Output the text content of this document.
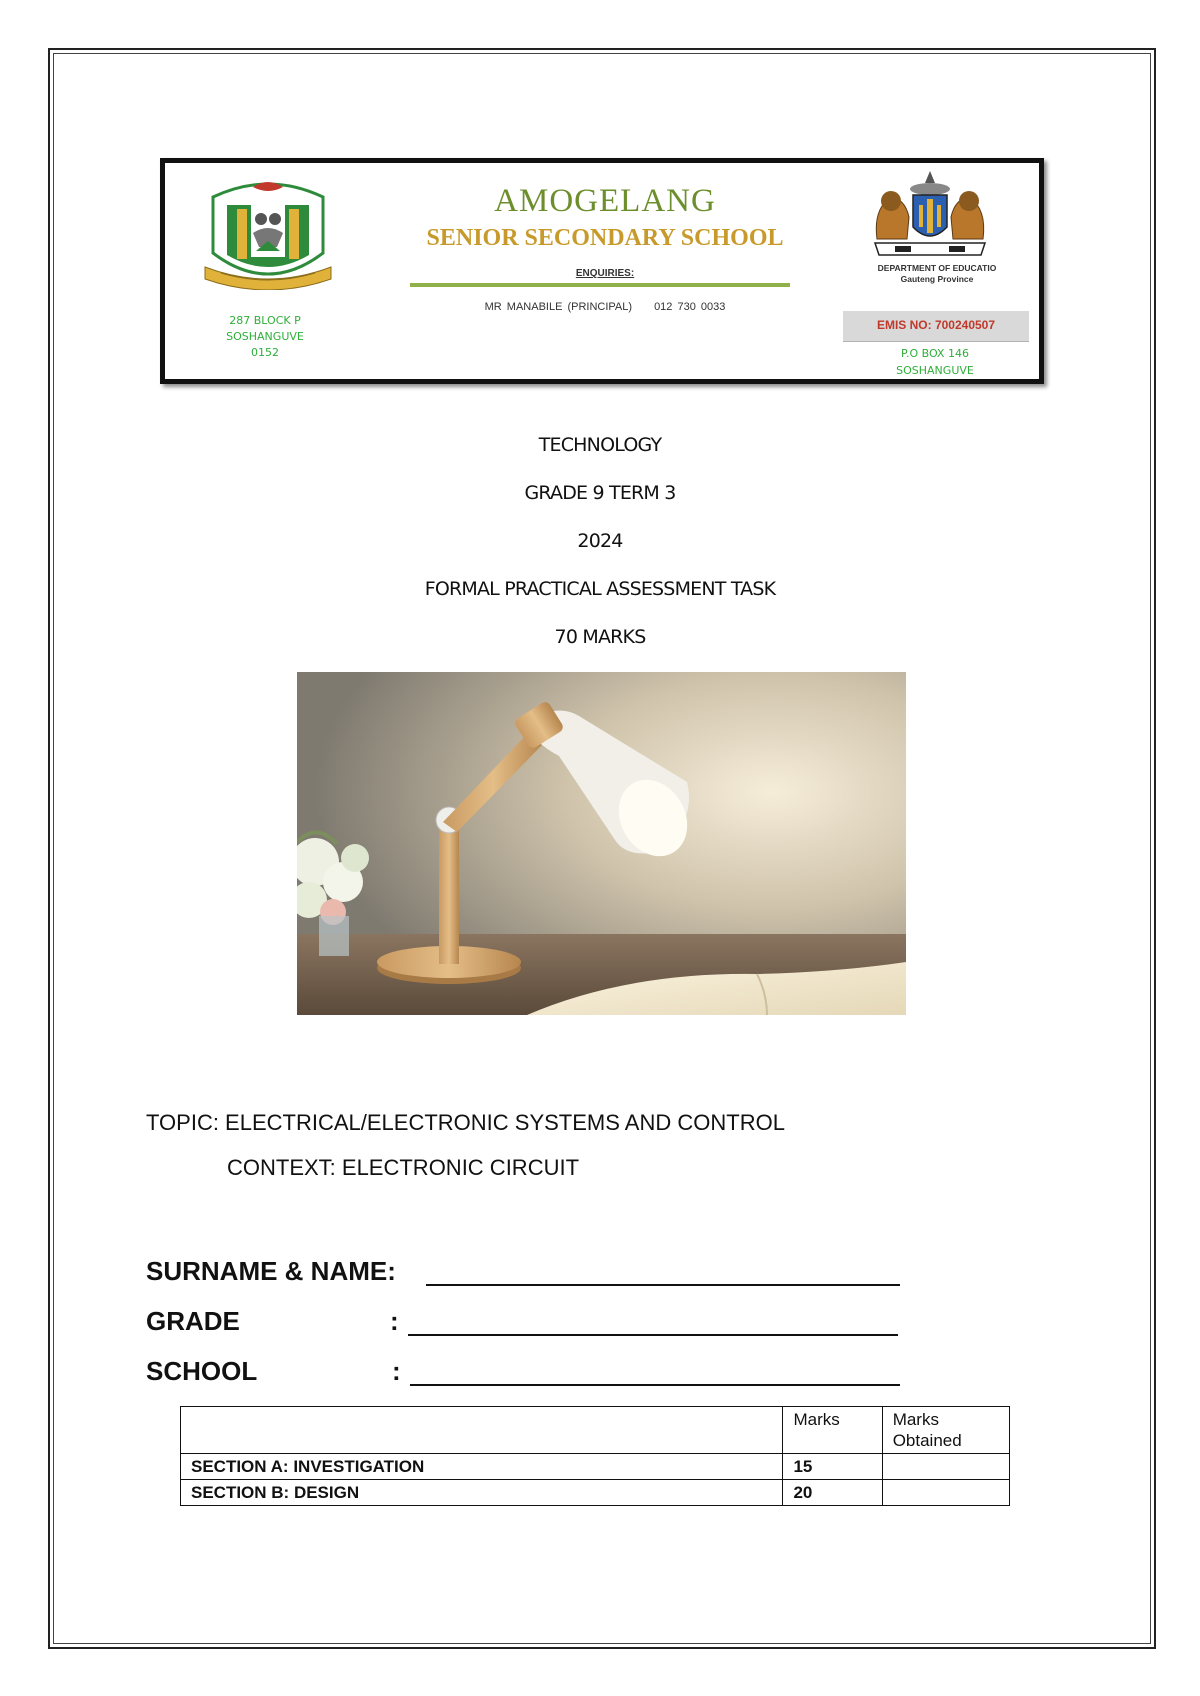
287 BLOCK P
SOSHANGUVE
0152
AMOGELANG
SENIOR SECONDARY SCHOOL
ENQUIRIES:
MR MANABILE (PRINCIPAL) 012 730 0033
DEPARTMENT OF EDUCATIO
Gauteng Province
EMIS NO: 700240507
P.O BOX 146
SOSHANGUVE
TECHNOLOGY
GRADE 9 TERM 3
2024
FORMAL PRACTICAL ASSESSMENT TASK
70 MARKS
TOPIC: ELECTRICAL/ELECTRONIC SYSTEMS AND CONTROL
CONTEXT: ELECTRONIC CIRCUIT
SURNAME & NAME:
GRADE	:
SCHOOL	:
	Marks	Marks Obtained
SECTION A: INVESTIGATION	15	
SECTION B: DESIGN	20	
